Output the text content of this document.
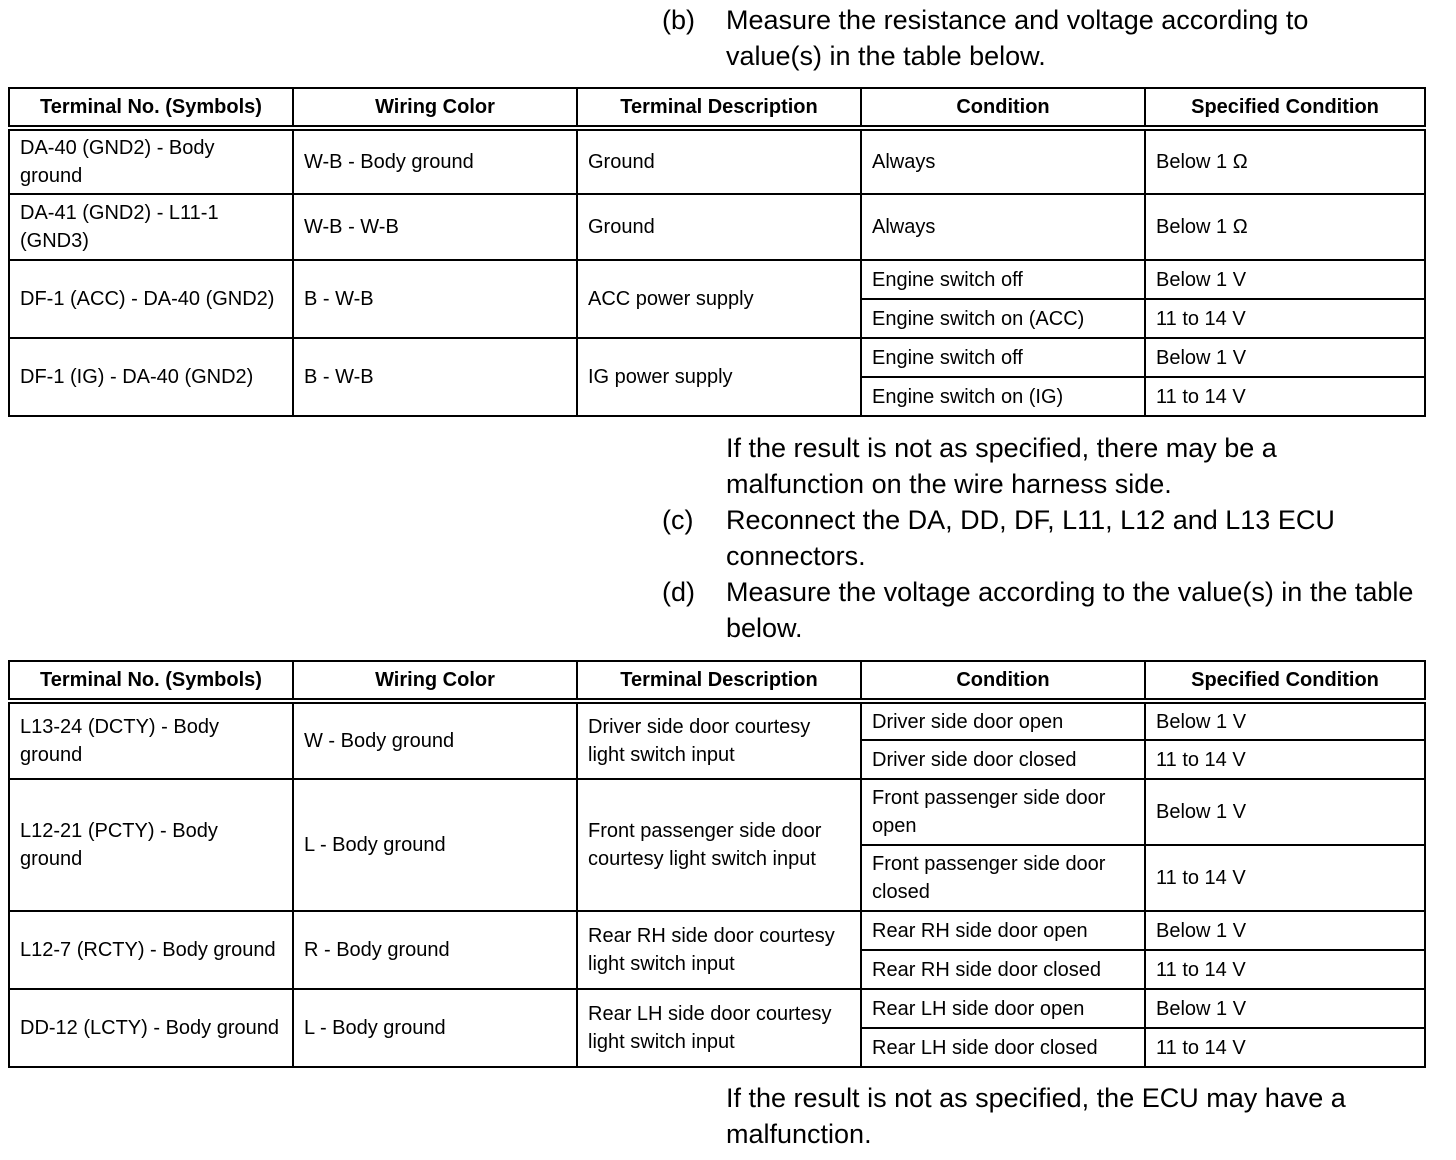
(b) Measure the resistance and voltage according to value(s) in the table below.
Terminal No. (Symbols)	Wiring Color	Terminal Description	Condition	Specified Condition
DA-40 (GND2) - Body ground	W-B - Body ground	Ground	Always	Below 1 Ω
DA-41 (GND2) - L11-1 (GND3)	W-B - W-B	Ground	Always	Below 1 Ω
DF-1 (ACC) - DA-40 (GND2)	B - W-B	ACC power supply	Engine switch off	Below 1 V
			Engine switch on (ACC)	11 to 14 V
DF-1 (IG) - DA-40 (GND2)	B - W-B	IG power supply	Engine switch off	Below 1 V
			Engine switch on (IG)	11 to 14 V
If the result is not as specified, there may be a malfunction on the wire harness side.
(c) Reconnect the DA, DD, DF, L11, L12 and L13 ECU connectors.
(d) Measure the voltage according to the value(s) in the table below.
Terminal No. (Symbols)	Wiring Color	Terminal Description	Condition	Specified Condition
L13-24 (DCTY) - Body ground	W - Body ground	Driver side door courtesy light switch input	Driver side door open	Below 1 V
			Driver side door closed	11 to 14 V
L12-21 (PCTY) - Body ground	L - Body ground	Front passenger side door courtesy light switch input	Front passenger side door open	Below 1 V
			Front passenger side door closed	11 to 14 V
L12-7 (RCTY) - Body ground	R - Body ground	Rear RH side door courtesy light switch input	Rear RH side door open	Below 1 V
			Rear RH side door closed	11 to 14 V
DD-12 (LCTY) - Body ground	L - Body ground	Rear LH side door courtesy light switch input	Rear LH side door open	Below 1 V
			Rear LH side door closed	11 to 14 V
If the result is not as specified, the ECU may have a malfunction.
